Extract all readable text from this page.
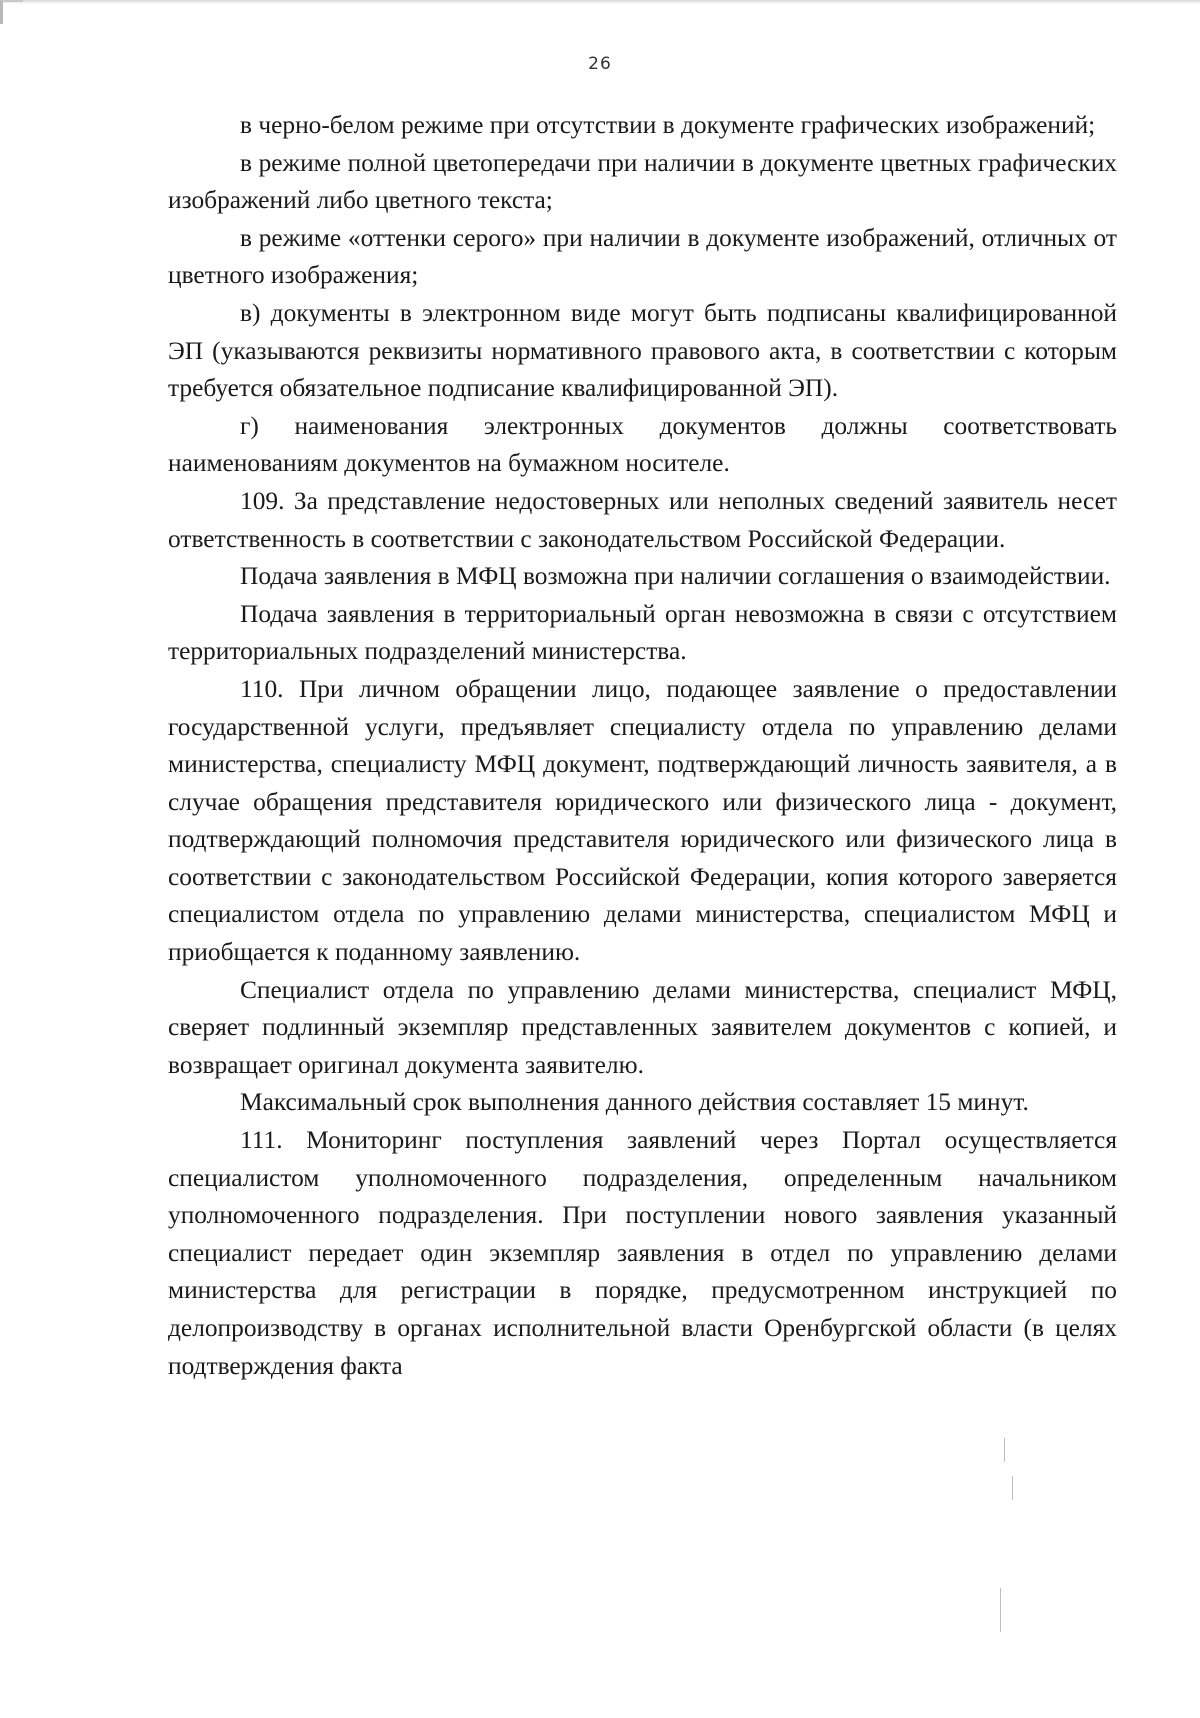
26

в черно-белом режиме при отсутствии в документе графических изображений;

в режиме полной цветопередачи при наличии в документе цветных графических изображений либо цветного текста;

в режиме «оттенки серого» при наличии в документе изображений, отличных от цветного изображения;

в) документы в электронном виде могут быть подписаны квалифицированной ЭП (указываются реквизиты нормативного правового акта, в соответствии с которым требуется обязательное подписание квалифицированной ЭП).

г) наименования электронных документов должны соответствовать наименованиям документов на бумажном носителе.

109. За представление недостоверных или неполных сведений заявитель несет ответственность в соответствии с законодательством Российской Федерации.

Подача заявления в МФЦ возможна при наличии соглашения о взаимодействии.

Подача заявления в территориальный орган невозможна в связи с отсутствием территориальных подразделений министерства.

110. При личном обращении лицо, подающее заявление о предоставлении государственной услуги, предъявляет специалисту отдела по управлению делами министерства, специалисту МФЦ документ, подтверждающий личность заявителя, а в случае обращения представителя юридического или физического лица - документ, подтверждающий полномочия представителя юридического или физического лица в соответствии с законодательством Российской Федерации, копия которого заверяется специалистом отдела по управлению делами министерства, специалистом МФЦ и приобщается к поданному заявлению.

Специалист отдела по управлению делами министерства, специалист МФЦ, сверяет подлинный экземпляр представленных заявителем документов с копией, и возвращает оригинал документа заявителю.

Максимальный срок выполнения данного действия составляет 15 минут.

111. Мониторинг поступления заявлений через Портал осуществляется специалистом уполномоченного подразделения, определенным начальником уполномоченного подразделения. При поступлении нового заявления указанный специалист передает один экземпляр заявления в отдел по управлению делами министерства для регистрации в порядке, предусмотренном инструкцией по делопроизводству в органах исполнительной власти Оренбургской области (в целях подтверждения факта
